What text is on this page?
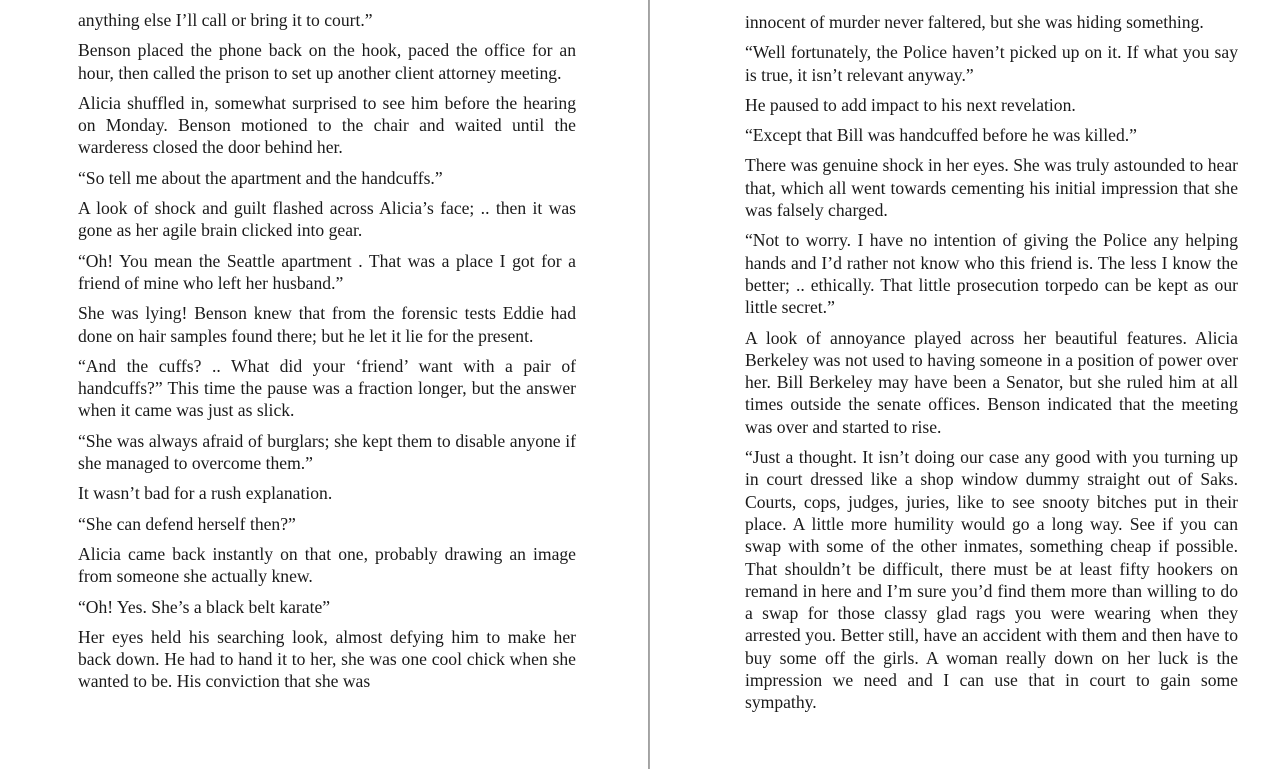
anything else I’ll call or bring it to court.”

Benson placed the phone back on the hook, paced the office for an hour, then called the prison to set up another client attorney meeting.

Alicia shuffled in, somewhat surprised to see him before the hearing on Monday. Benson motioned to the chair and waited until the warderess closed the door behind her.

“So tell me about the apartment and the handcuffs.”

A look of shock and guilt flashed across Alicia’s face; .. then it was gone as her agile brain clicked into gear.

“Oh! You mean the Seattle apartment . That was a place I got for a friend of mine who left her husband.”

She was lying! Benson knew that from the forensic tests Eddie had done on hair samples found there; but he let it lie for the present.

“And the cuffs? .. What did your ‘friend’ want with a pair of handcuffs?” This time the pause was a fraction longer, but the answer when it came was just as slick.

“She was always afraid of burglars; she kept them to disable anyone if she managed to overcome them.”

It wasn’t bad for a rush explanation.

“She can defend herself then?”

Alicia came back instantly on that one, probably drawing an image from someone she actually knew.

“Oh! Yes. She’s a black belt karate”

Her eyes held his searching look, almost defying him to make her back down. He had to hand it to her, she was one cool chick when she wanted to be. His conviction that she was

innocent of murder never faltered, but she was hiding something.

“Well fortunately, the Police haven’t picked up on it. If what you say is true, it isn’t relevant anyway.”

He paused to add impact to his next revelation.

“Except that Bill was handcuffed before he was killed.”

There was genuine shock in her eyes. She was truly astounded to hear that, which all went towards cementing his initial impression that she was falsely charged.

“Not to worry. I have no intention of giving the Police any helping hands and I’d rather not know who this friend is. The less I know the better; .. ethically. That little prosecution torpedo can be kept as our little secret.”

A look of annoyance played across her beautiful features. Alicia Berkeley was not used to having someone in a position of power over her. Bill Berkeley may have been a Senator, but she ruled him at all times outside the senate offices. Benson indicated that the meeting was over and started to rise.

“Just a thought. It isn’t doing our case any good with you turning up in court dressed like a shop window dummy straight out of Saks. Courts, cops, judges, juries, like to see snooty bitches put in their place. A little more humility would go a long way. See if you can swap with some of the other inmates, something cheap if possible. That shouldn’t be difficult, there must be at least fifty hookers on remand in here and I’m sure you’d find them more than willing to do a swap for those classy glad rags you were wearing when they arrested you. Better still, have an accident with them and then have to buy some off the girls. A woman really down on her luck is the impression we need and I can use that in court to gain some sympathy.
